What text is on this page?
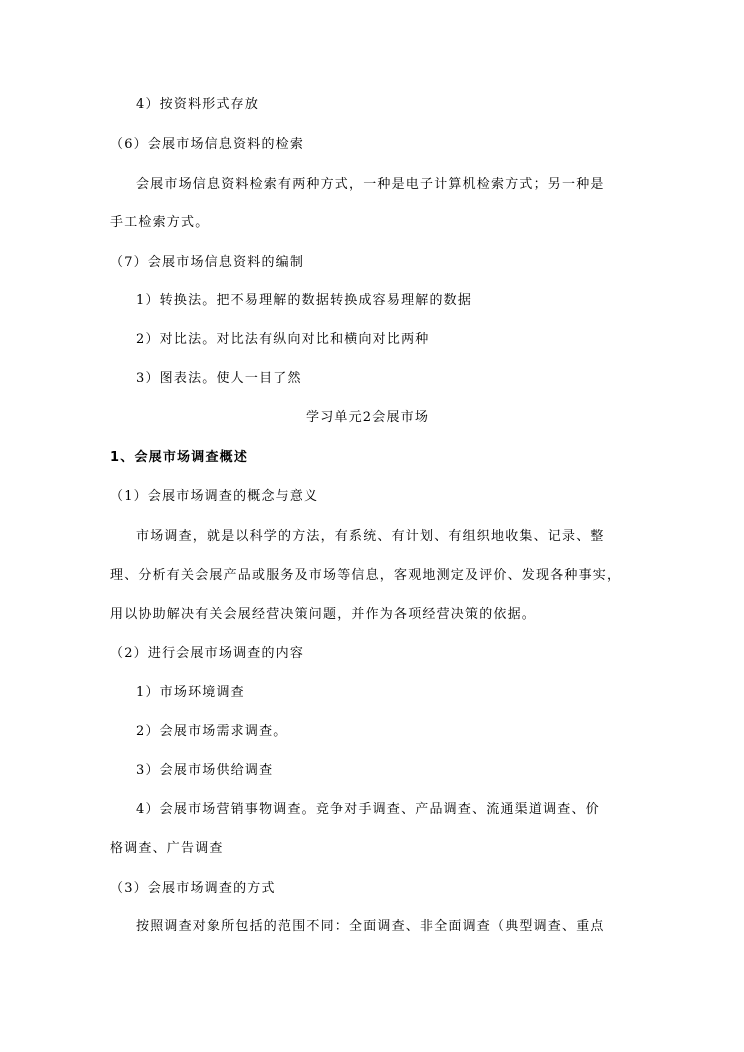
4）按资料形式存放
（6）会展市场信息资料的检索
会展市场信息资料检索有两种方式，一种是电子计算机检索方式；另一种是
手工检索方式。
（7）会展市场信息资料的编制
1）转换法。把不易理解的数据转换成容易理解的数据
2）对比法。对比法有纵向对比和横向对比两种
3）图表法。使人一目了然
学习单元2会展市场
1、会展市场调查概述
（1）会展市场调查的概念与意义
市场调查，就是以科学的方法，有系统、有计划、有组织地收集、记录、整
理、分析有关会展产品或服务及市场等信息，客观地测定及评价、发现各种事实，
用以协助解决有关会展经营决策问题，并作为各项经营决策的依据。
（2）进行会展市场调查的内容
1）市场环境调查
2）会展市场需求调查。
3）会展市场供给调查
4）会展市场营销事物调查。竞争对手调查、产品调查、流通渠道调查、价
格调查、广告调查
（3）会展市场调查的方式
按照调查对象所包括的范围不同：全面调查、非全面调查（典型调查、重点
